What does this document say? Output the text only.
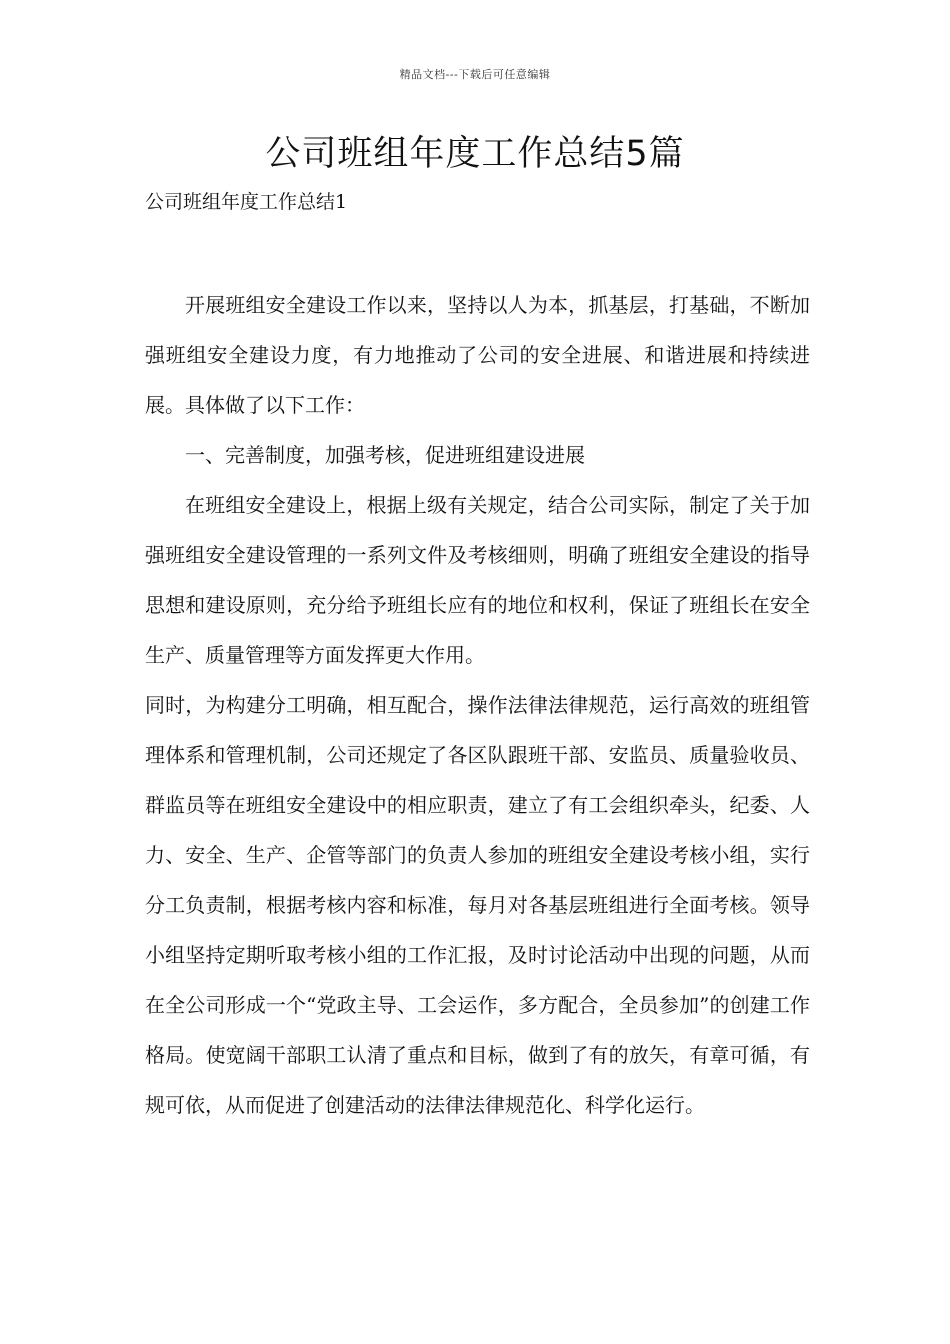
精品文档---下载后可任意编辑
公司班组年度工作总结5篇
公司班组年度工作总结1

开展班组安全建设工作以来，坚持以人为本，抓基层，打基础，不断加强班组安全建设力度，有力地推动了公司的安全进展、和谐进展和持续进展。具体做了以下工作：

一、完善制度，加强考核，促进班组建设进展

在班组安全建设上，根据上级有关规定，结合公司实际，制定了关于加强班组安全建设管理的一系列文件及考核细则，明确了班组安全建设的指导思想和建设原则，充分给予班组长应有的地位和权利，保证了班组长在安全生产、质量管理等方面发挥更大作用。

同时，为构建分工明确，相互配合，操作法律法律规范，运行高效的班组管理体系和管理机制，公司还规定了各区队跟班干部、安监员、质量验收员、群监员等在班组安全建设中的相应职责，建立了有工会组织牵头，纪委、人力、安全、生产、企管等部门的负责人参加的班组安全建设考核小组，实行分工负责制，根据考核内容和标准，每月对各基层班组进行全面考核。领导小组坚持定期听取考核小组的工作汇报，及时讨论活动中出现的问题，从而在全公司形成一个“党政主导、工会运作，多方配合，全员参加”的创建工作格局。使宽阔干部职工认清了重点和目标，做到了有的放矢，有章可循，有规可依，从而促进了创建活动的法律法律规范化、科学化运行。
